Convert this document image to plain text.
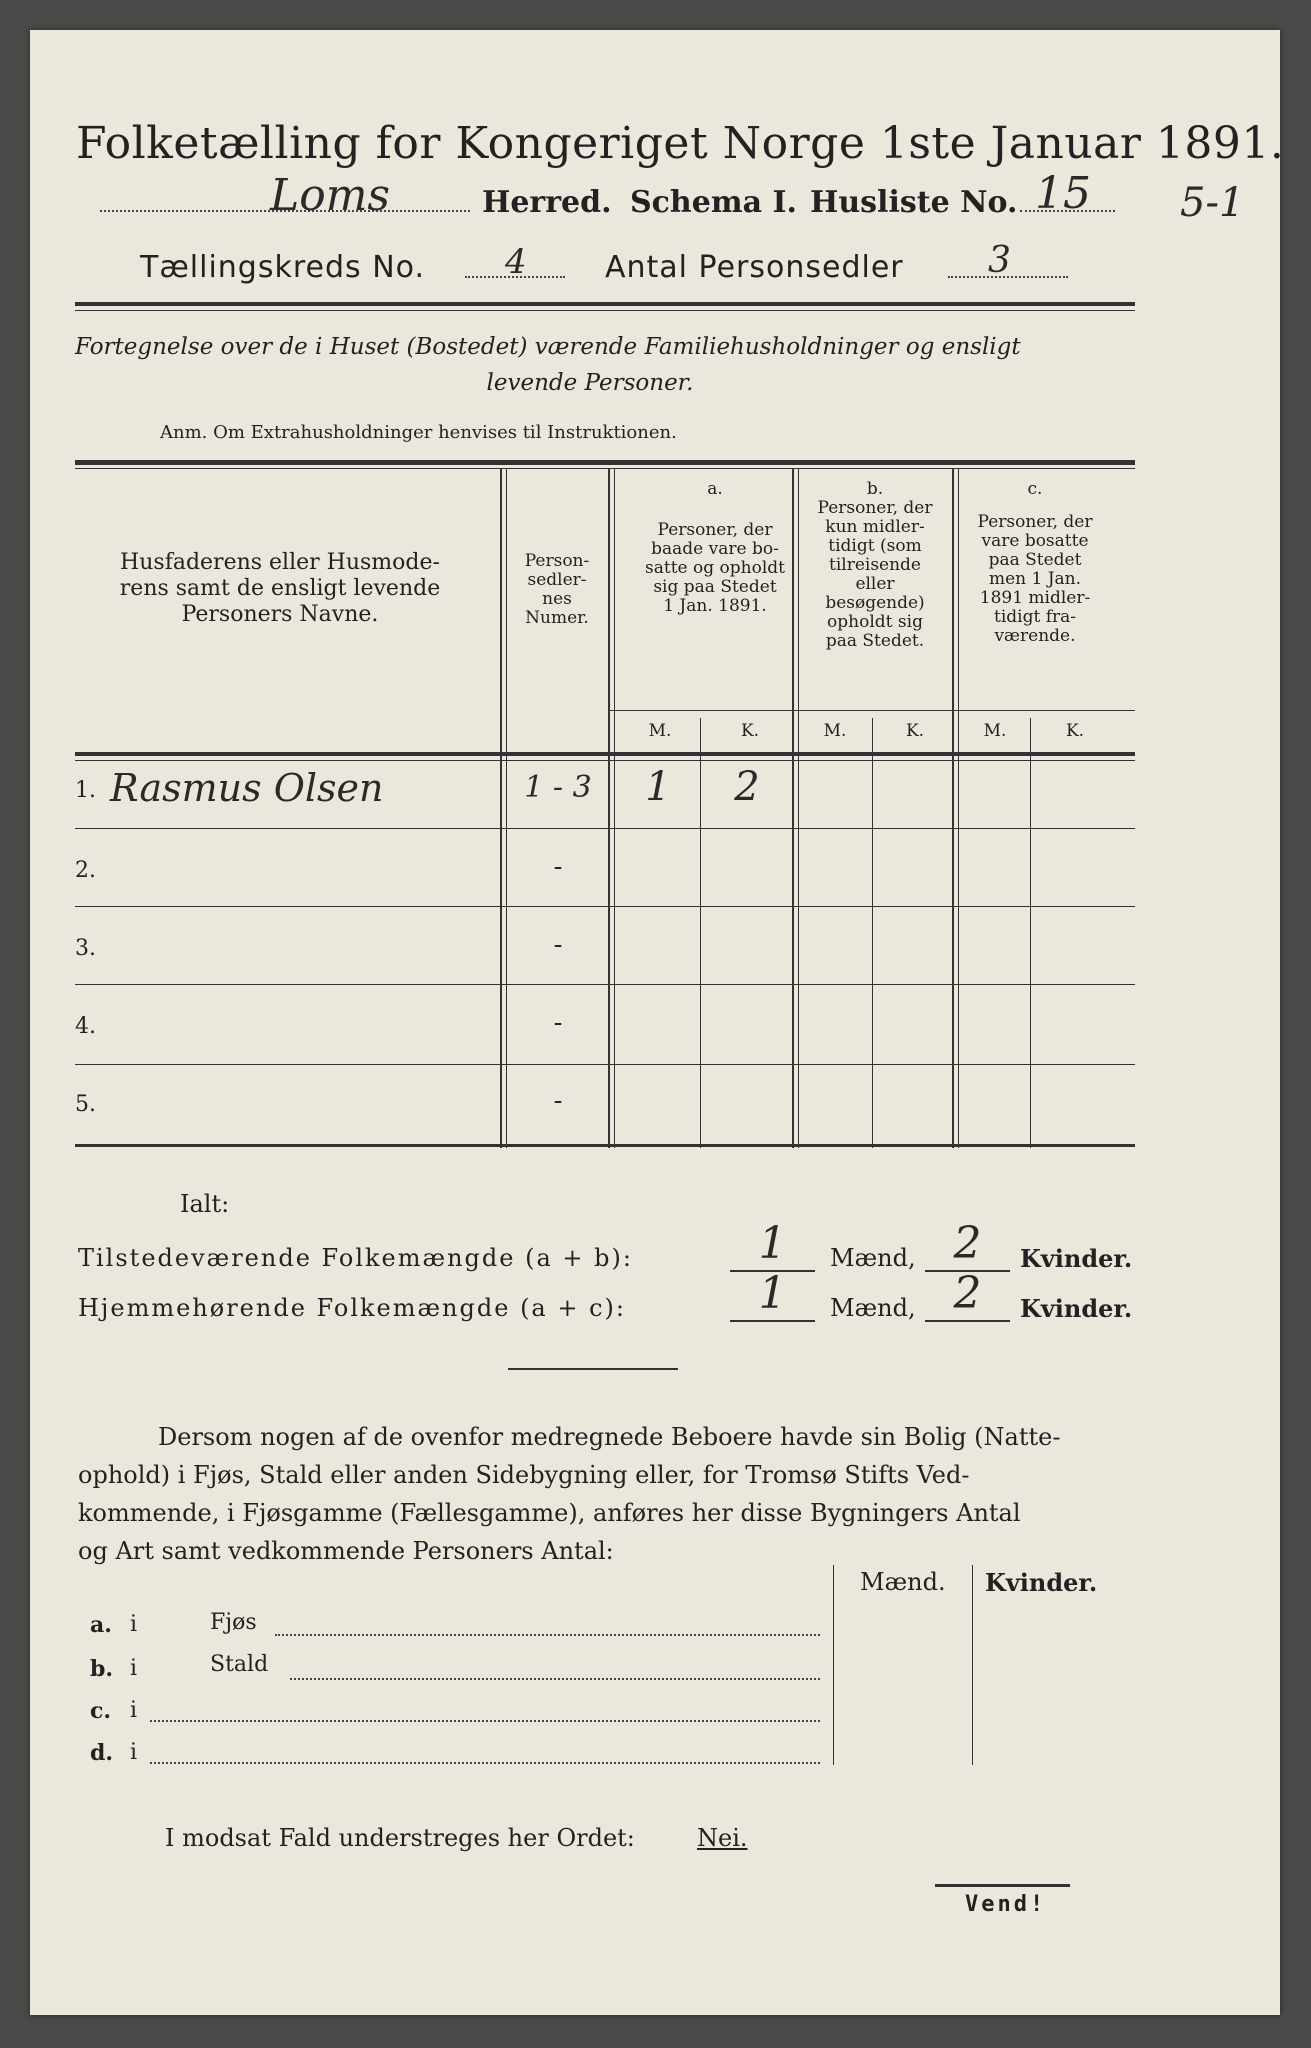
Folketælling for Kongeriget Norge 1ste Januar 1891.
Loms	Herred. Schema I. Husliste No. 15 5-1
Tællingskreds No. 4	Antal Personsedler 3
Fortegnelse over de i Huset (Bostedet) værende Familiehusholdninger og ensligt
levende Personer.
Anm. Om Extrahusholdninger henvises til Instruktionen.
Husfaderens eller Husmode-
rens samt de ensligt levende
Personers Navne.
Person-
sedler-
nes
Numer.
a.
Personer, der
baade vare bo-
satte og opholdt
sig paa Stedet
1 Jan. 1891.
b.
Personer, der
kun midler-
tidigt (som
tilreisende
eller
besøgende)
opholdt sig
paa Stedet.
c.
Personer, der
vare bosatte
paa Stedet
men 1 Jan.
1891 midler-
tidigt fra-
værende.
M.	K.	M.	K.	M.	K.
1. Rasmus Olsen	1 - 3	1	2
2.	-
3.	-
4.	-
5.	-
Ialt:
Tilstedeværende Folkemængde (a + b):	1	Mænd, 2	Kvinder.
Hjemmehørende Folkemængde (a + c):	1	Mænd, 2	Kvinder.
Dersom nogen af de ovenfor medregnede Beboere havde sin Bolig (Natte-
ophold) i Fjøs, Stald eller anden Sidebygning eller, for Tromsø Stifts Ved-
kommende, i Fjøsgamme (Fællesgamme), anføres her disse Bygningers Antal
og Art samt vedkommende Personers Antal:
Mænd. Kvinder.
a. i	Fjøs
b. i	Stald
c. i
d. i
I modsat Fald understreges her Ordet:	Nei.
Vend!
